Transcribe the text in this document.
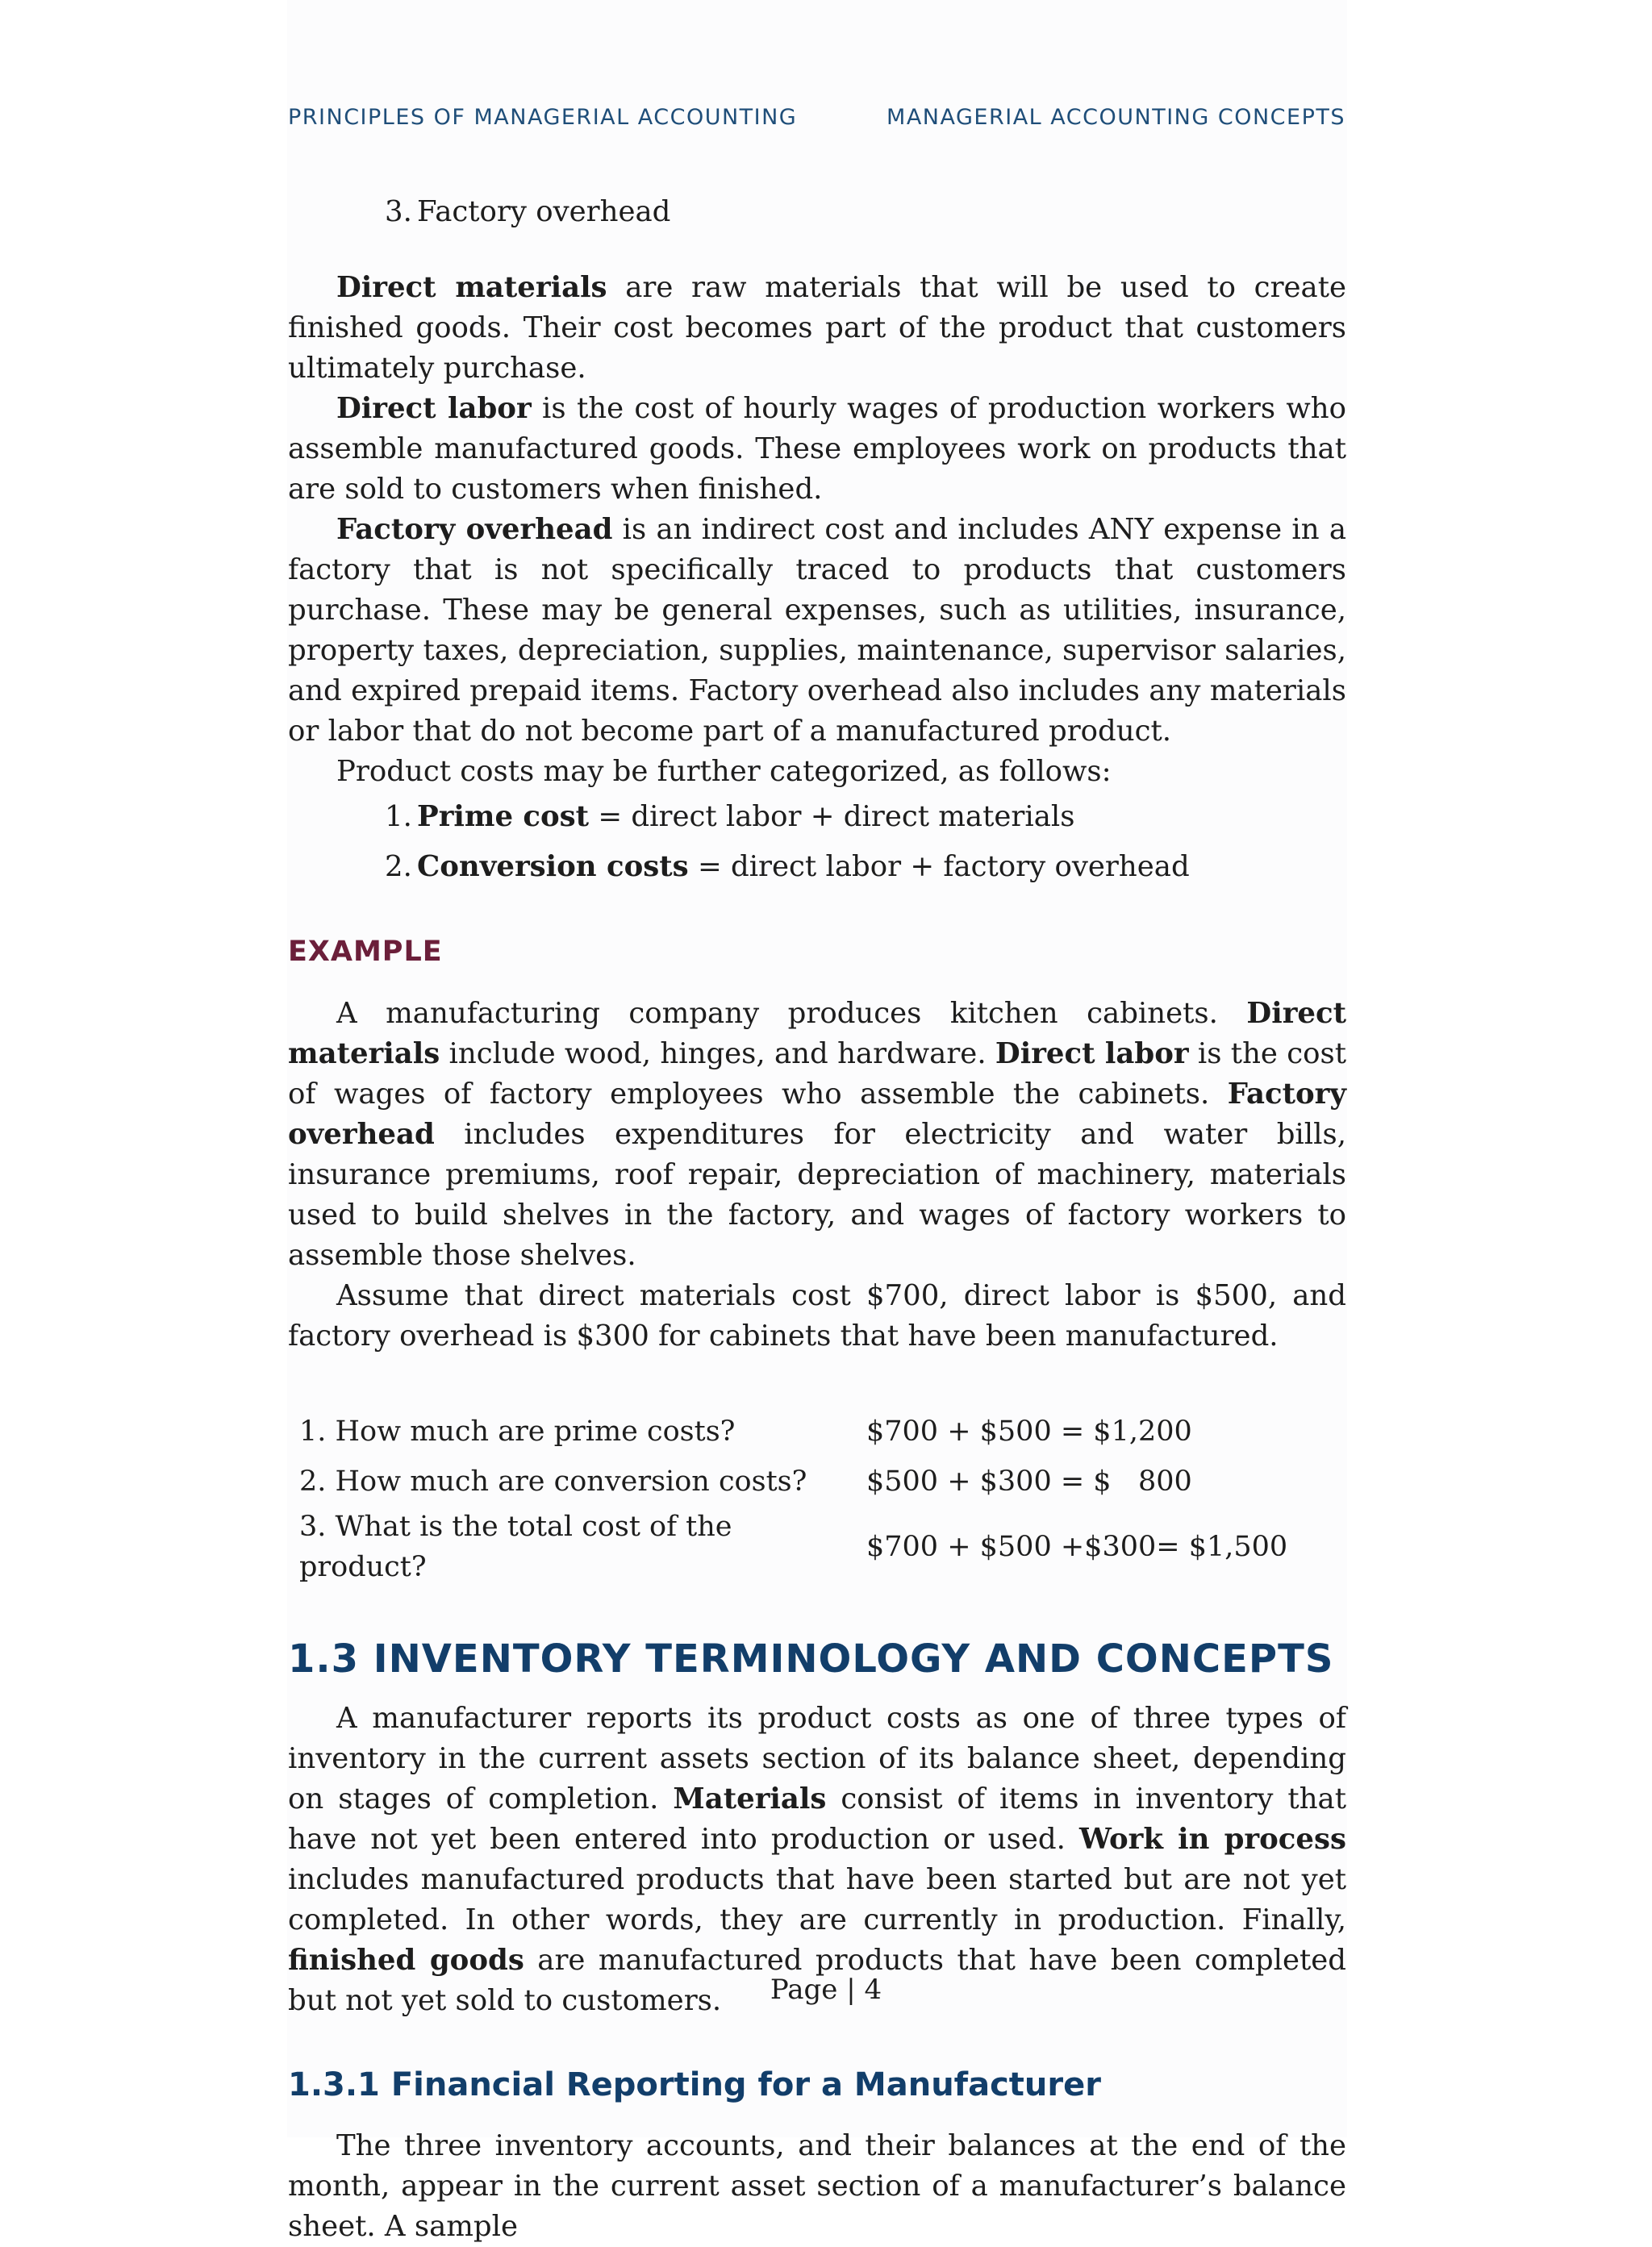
PRINCIPLES OF MANAGERIAL ACCOUNTING	MANAGERIAL ACCOUNTING CONCEPTS
3. Factory overhead

Direct materials are raw materials that will be used to create finished goods. Their cost becomes part of the product that customers ultimately purchase.

Direct labor is the cost of hourly wages of production workers who assemble manufactured goods. These employees work on products that are sold to customers when finished.

Factory overhead is an indirect cost and includes ANY expense in a factory that is not specifically traced to products that customers purchase. These may be general expenses, such as utilities, insurance, property taxes, depreciation, supplies, maintenance, supervisor salaries, and expired prepaid items. Factory overhead also includes any materials or labor that do not become part of a manufactured product.

Product costs may be further categorized, as follows:

1. Prime cost = direct labor + direct materials
2. Conversion costs = direct labor + factory overhead
EXAMPLE

A manufacturing company produces kitchen cabinets. Direct materials include wood, hinges, and hardware. Direct labor is the cost of wages of factory employees who assemble the cabinets. Factory overhead includes expenditures for electricity and water bills, insurance premiums, roof repair, depreciation of machinery, materials used to build shelves in the factory, and wages of factory workers to assemble those shelves.

Assume that direct materials cost $700, direct labor is $500, and factory overhead is $300 for cabinets that have been manufactured.

1. How much are prime costs?	$700 + $500 = $1,200
2. How much are conversion costs?	$500 + $300 = $   800
3. What is the total cost of the product?	$700 + $500 +$300= $1,500
1.3 INVENTORY TERMINOLOGY AND CONCEPTS

A manufacturer reports its product costs as one of three types of inventory in the current assets section of its balance sheet, depending on stages of completion. Materials consist of items in inventory that have not yet been entered into production or used. Work in process includes manufactured products that have been started but are not yet completed. In other words, they are currently in production. Finally, finished goods are manufactured products that have been completed but not yet sold to customers.

1.3.1 Financial Reporting for a Manufacturer

The three inventory accounts, and their balances at the end of the month, appear in the current asset section of a manufacturer’s balance sheet. A sample

Page | 4
